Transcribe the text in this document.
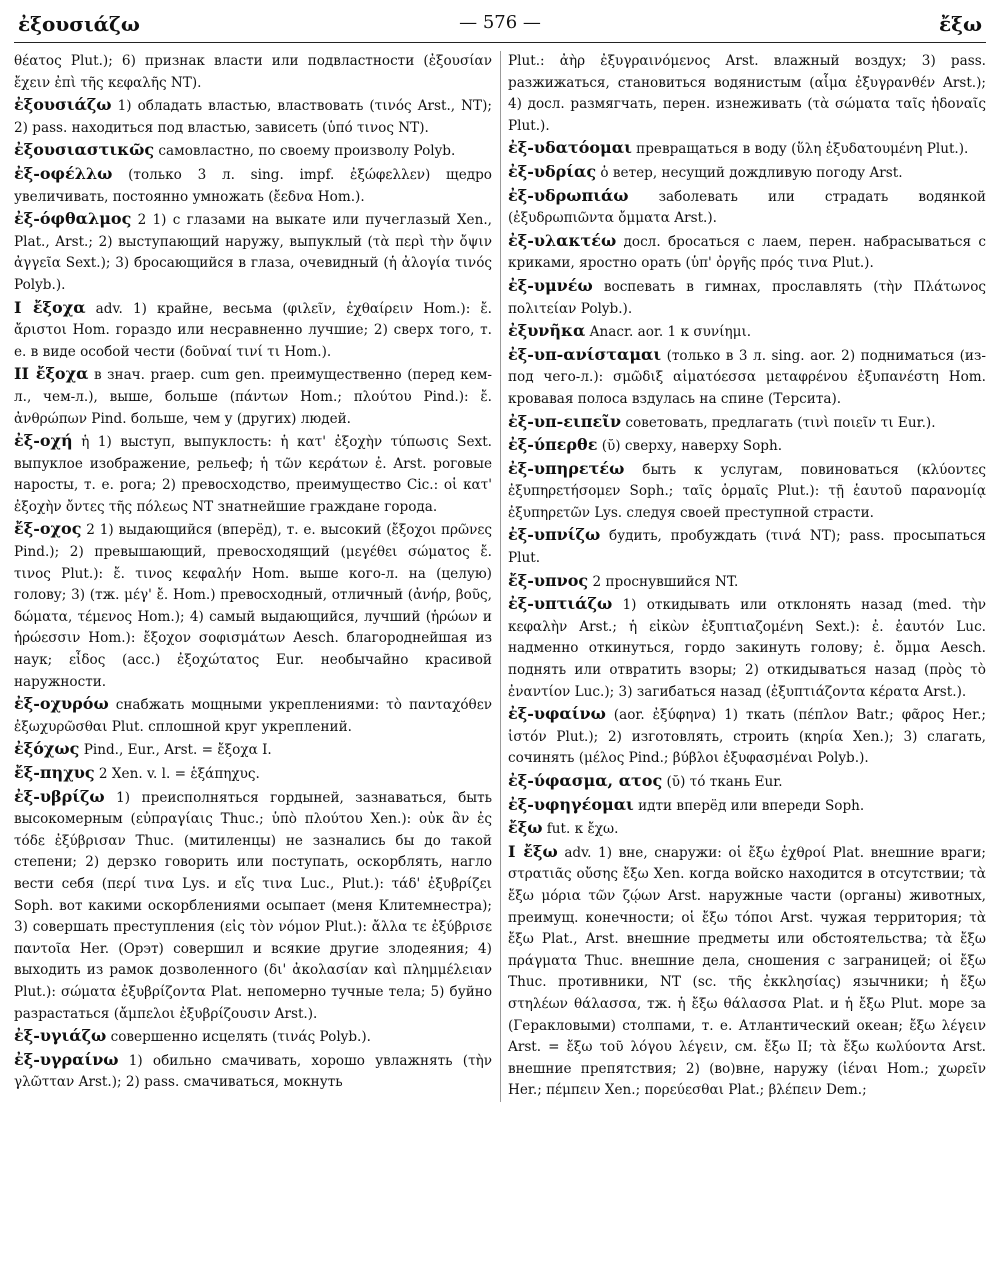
ἐξουσιάζω	— 576 —	ἔξω

θέατος Plut.); 6) признак власти или подвластности (ἐξουσίαν ἔχειν ἐπὶ τῆς κεφαλῆς NT).

ἐξουσιάζω 1) обладать властью, властвовать (τινός Arst., NT); 2) pass. находиться под властью, зависеть (ὑπό τινος NT).

ἐξουσιαστικῶς самовластно, по своему произволу Polyb.

ἐξ-οφέλλω (только 3 л. sing. impf. ἐξώφελλεν) щедро увеличивать, постоянно умножать (ἔεδνα Hom.).

ἐξ-όφθαλμος 2 1) с глазами на выкате или пучеглазый Xen., Plat., Arst.; 2) выступающий наружу, выпуклый (τὰ περὶ τὴν ὄψιν ἀγγεῖα Sext.); 3) бросающийся в глаза, очевидный (ἡ ἀλογία τινός Polyb.).

I ἔξοχα adv. 1) крайне, весьма (φιλεῖν, ἐχθαίρειν Hom.): ἔ. ἄριστοι Hom. гораздо или несравненно лучшие; 2) сверх того, т. е. в виде особой чести (δοῦναί τινί τι Hom.).

II ἔξοχα в знач. praep. cum gen. преимущественно (перед кем-л., чем-л.), выше, больше (πάντων Hom.; πλούτου Pind.): ἔ. ἀνθρώπων Pind. больше, чем у (других) людей.

ἐξ-οχή ἡ 1) выступ, выпуклость: ἡ κατ' ἐξοχὴν τύπωσις Sext. выпуклое изображение, рельеф; ἡ τῶν κεράτων ἐ. Arst. роговые наросты, т. е. рога; 2) превосходство, преимущество Cic.: οἱ κατ' ἐξοχὴν ὄντες τῆς πόλεως NT знатнейшие граждане города.

ἔξ-οχος 2 1) выдающийся (вперёд), т. е. высокий (ἔξοχοι πρῶνες Pind.); 2) превышающий, превосходящий (μεγέθει σώματος ἔ. τινος Plut.): ἔ. τινος κεφαλήν Hom. выше кого-л. на (целую) голову; 3) (тж. μέγ' ἔ. Hom.) превосходный, отличный (ἀνήρ, βοῦς, δώματα, τέμενος Hom.); 4) самый выдающийся, лучший (ἡρώων и ἡρώεσσιν Hom.): ἔξοχον σοφισμάτων Aesch. благороднейшая из наук; εἶδος (acc.) ἐξοχώτατος Eur. необычайно красивой наружности.

ἐξ-οχυρόω снабжать мощными укреплениями: τὸ πανταχόθεν ἐξωχυρῶσθαι Plut. сплошной круг укреплений.

ἐξόχως Pind., Eur., Arst. = ἔξοχα I.

ἔξ-πηχυς 2 Xen. v. l. = ἑξάπηχυς.

ἐξ-υβρίζω 1) преисполняться гордыней, зазнаваться, быть высокомерным (εὐπραγίαις Thuc.; ὑπὸ πλούτου Xen.): οὐκ ἂν ἐς τόδε ἐξύβρισαν Thuc. (митиленцы) не зазнались бы до такой степени; 2) дерзко говорить или поступать, оскорблять, нагло вести себя (περί τινα Lys. и εἴς τινα Luc., Plut.): τάδ' ἐξυβρίζει Soph. вот какими оскорблениями осыпает (меня Клитемнестра); 3) совершать преступления (εἰς τὸν νόμον Plut.): ἄλλα τε ἐξύβρισε παντοῖα Her. (Орэт) совершил и всякие другие злодеяния; 4) выходить из рамок дозволенного (δι' ἀκολασίαν καὶ πλημμέλειαν Plut.): σώματα ἐξυβρίζοντα Plat. непомерно тучные тела; 5) буйно разрастаться (ἄμπελοι ἐξυβρίζουσιν Arst.).

ἐξ-υγιάζω совершенно исцелять (τινάς Polyb.).

ἐξ-υγραίνω 1) обильно смачивать, хорошо увлажнять (τὴν γλῶτταν Arst.); 2) pass. смачиваться, мокнуть

Plut.: ἀὴρ ἐξυγραινόμενος Arst. влажный воздух; 3) pass. разжижаться, становиться водянистым (αἷμα ἐξυγρανθέν Arst.); 4) досл. размягчать, перен. изнеживать (τὰ σώματα ταῖς ἡδοναῖς Plut.).

ἐξ-υδατόομαι превращаться в воду (ὕλη ἐξυδατουμένη Plut.).

ἐξ-υδρίας ὁ ветер, несущий дождливую погоду Arst.

ἐξ-υδρωπιάω заболевать или страдать водянкой (ἐξυδρωπιῶντα ὄμματα Arst.).

ἐξ-υλακτέω досл. бросаться с лаем, перен. набрасываться с криками, яростно орать (ὑπ' ὀργῆς πρός τινα Plut.).

ἐξ-υμνέω воспевать в гимнах, прославлять (τὴν Πλάτωνος πολιτείαν Polyb.).

ἐξυνῆκα Anacr. aor. 1 к συνίημι.

ἐξ-υπ-ανίσταμαι (только в 3 л. sing. aor. 2) подниматься (из-под чего-л.): σμῶδιξ αἱματόεσσα μεταφρένου ἐξυπανέστη Hom. кровавая полоса вздулась на спине (Терсита).

ἐξ-υπ-ειπεῖν советовать, предлагать (τινὶ ποιεῖν τι Eur.).

ἐξ-ύπερθε (ῠ) сверху, наверху Soph.

ἐξ-υπηρετέω быть к услугам, повиноваться (κλύοντες ἐξυπηρετήσομεν Soph.; ταῖς ὁρμαῖς Plut.): τῇ ἑαυτοῦ παρανομίᾳ ἐξυπηρετῶν Lys. следуя своей преступной страсти.

ἐξ-υπνίζω будить, пробуждать (τινά NT); pass. просыпаться Plut.

ἔξ-υπνος 2 проснувшийся NT.

ἐξ-υπτιάζω 1) откидывать или отклонять назад (med. τὴν κεφαλὴν Arst.; ἡ εἰκὼν ἐξυπτιαζομένη Sext.): ἐ. ἑαυτόν Luc. надменно откинуться, гордо закинуть голову; ἐ. ὄμμα Aesch. поднять или отвратить взоры; 2) откидываться назад (πρὸς τὸ ἐναντίον Luc.); 3) загибаться назад (ἐξυπτιάζοντα κέρατα Arst.).

ἐξ-υφαίνω (aor. ἐξύφηνα) 1) ткать (πέπλον Batr.; φᾶρος Her.; ἱστόν Plut.); 2) изготовлять, строить (κηρία Xen.); 3) слагать, сочинять (μέλος Pind.; βύβλοι ἐξυφασμέναι Polyb.).

ἐξ-ύφασμα, ατος (ῠ) τό ткань Eur.

ἐξ-υφηγέομαι идти вперёд или впереди Soph.

ἔξω fut. к ἔχω.

I ἔξω adv. 1) вне, снаружи: οἱ ἔξω ἐχθροί Plat. внешние враги; στρατιᾶς οὔσης ἔξω Xen. когда войско находится в отсутствии; τὰ ἔξω μόρια τῶν ζῴων Arst. наружные части (органы) животных, преимущ. конечности; οἱ ἔξω τόποι Arst. чужая территория; τὰ ἔξω Plat., Arst. внешние предметы или обстоятельства; τὰ ἔξω πράγματα Thuc. внешние дела, сношения с заграницей; οἱ ἔξω Thuc. противники, NT (sc. τῆς ἐκκλησίας) язычники; ἡ ἔξω στηλέων θάλασσα, тж. ἡ ἔξω θάλασσα Plat. и ἡ ἔξω Plut. море за (Геракловыми) столпами, т. е. Атлантический океан; ἔξω λέγειν Arst. = ἔξω τοῦ λόγου λέγειν, см. ἔξω II; τὰ ἔξω κωλύοντα Arst. внешние препятствия; 2) (во)вне, наружу (ἰέναι Hom.; χωρεῖν Her.; πέμπειν Xen.; πορεύεσθαι Plat.; βλέπειν Dem.;
